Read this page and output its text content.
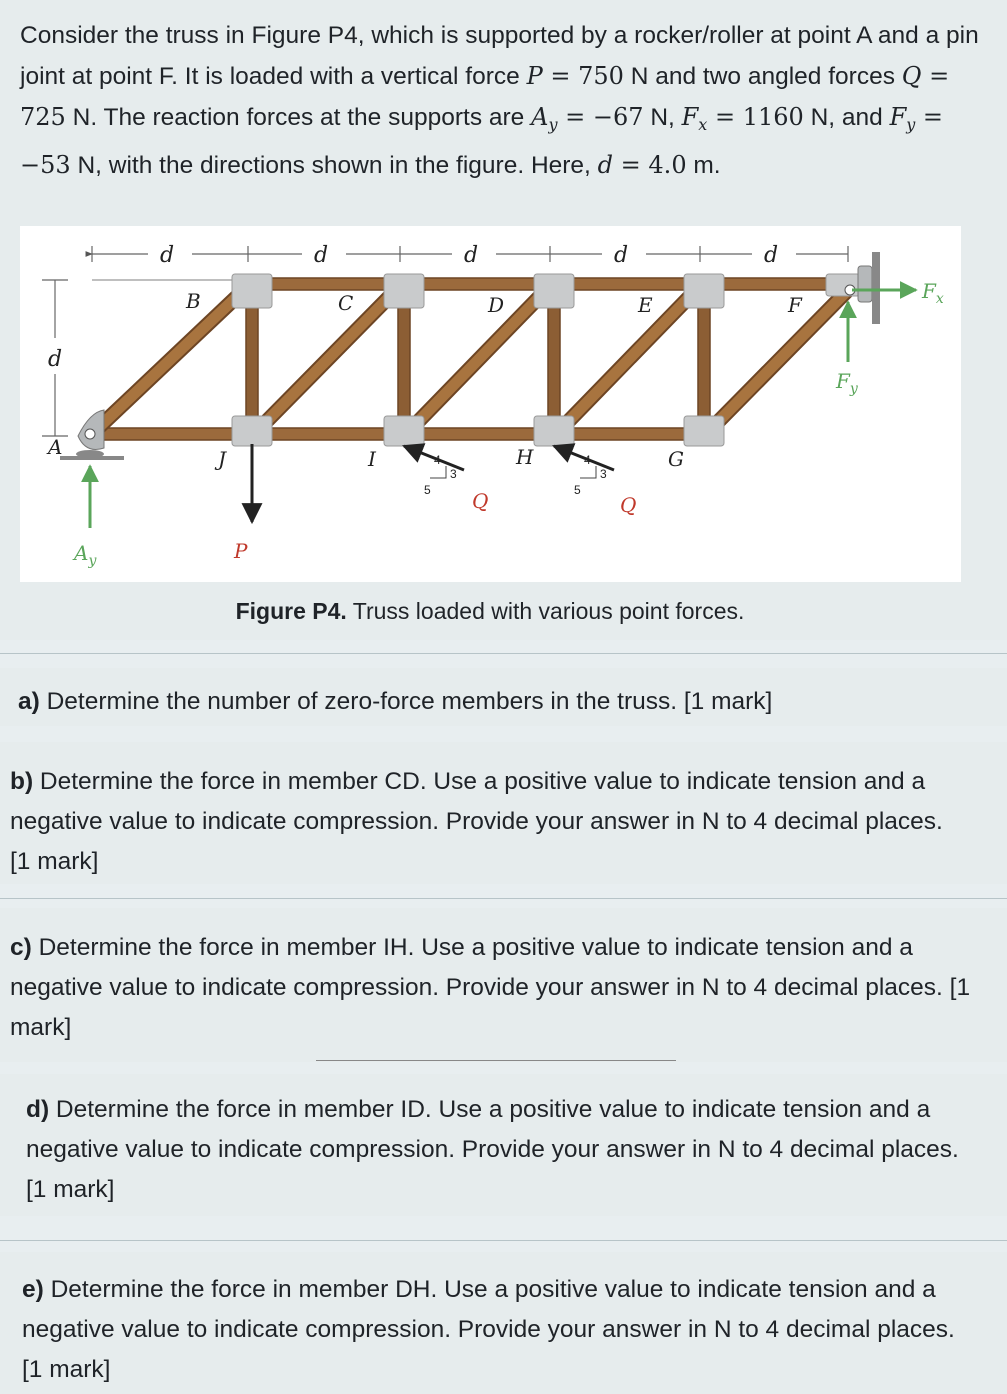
Consider the truss in Figure P4, which is supported by a rocker/roller at point A and a pin joint at point F. It is loaded with a vertical force P = 750 N and two angled forces Q = 725 N. The reaction forces at the supports are $A_y = -67$ N, $F_x = 1160$ N, and $F_y = -53$ N, with the directions shown in the figure. Here, d = 4.0 m.
d	d	d	d	d
d
4
3
5
4
3
5
A
B	C	D	E	F
G
H
I
J
$A_y$	P
Q	Q
$F_x$
$F_y$
Figure P4. Truss loaded with various point forces.
a) Determine the number of zero-force members in the truss. [1 mark]
b) Determine the force in member CD. Use a positive value to indicate tension and a negative value to indicate compression. Provide your answer in N to 4 decimal places. [1 mark]
c) Determine the force in member IH. Use a positive value to indicate tension and a negative value to indicate compression. Provide your answer in N to 4 decimal places. [1 mark]
d) Determine the force in member ID. Use a positive value to indicate tension and a negative value to indicate compression. Provide your answer in N to 4 decimal places. [1 mark]
e) Determine the force in member DH. Use a positive value to indicate tension and a negative value to indicate compression. Provide your answer in N to 4 decimal places. [1 mark]
